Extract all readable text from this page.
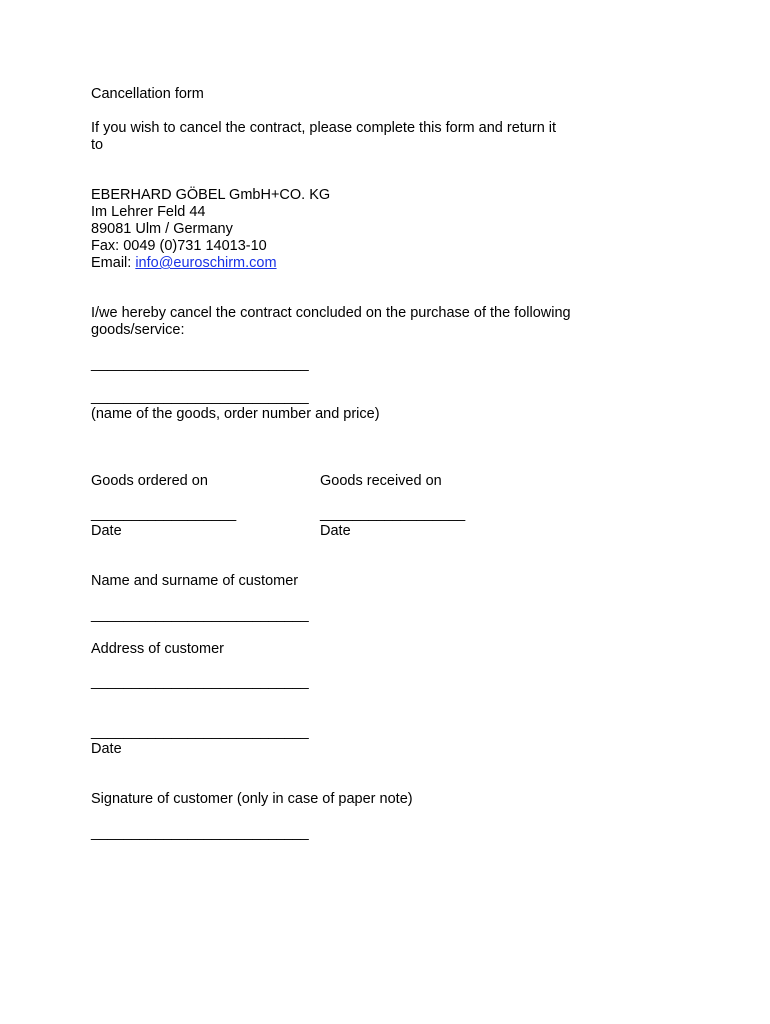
Cancellation form
If you wish to cancel the contract, please complete this form and return it
to
EBERHARD GÖBEL GmbH+CO. KG
Im Lehrer Feld 44
89081 Ulm / Germany
Fax: 0049 (0)731 14013-10
Email: info@euroschirm.com
I/we hereby cancel the contract concluded on the purchase of the following
goods/service:
___________________________
___________________________
(name of the goods, order number and price)
Goods ordered on	Goods received on
__________________	__________________
Date	Date
Name and surname of customer
___________________________
Address of customer
___________________________
___________________________
Date
Signature of customer (only in case of paper note)
___________________________
